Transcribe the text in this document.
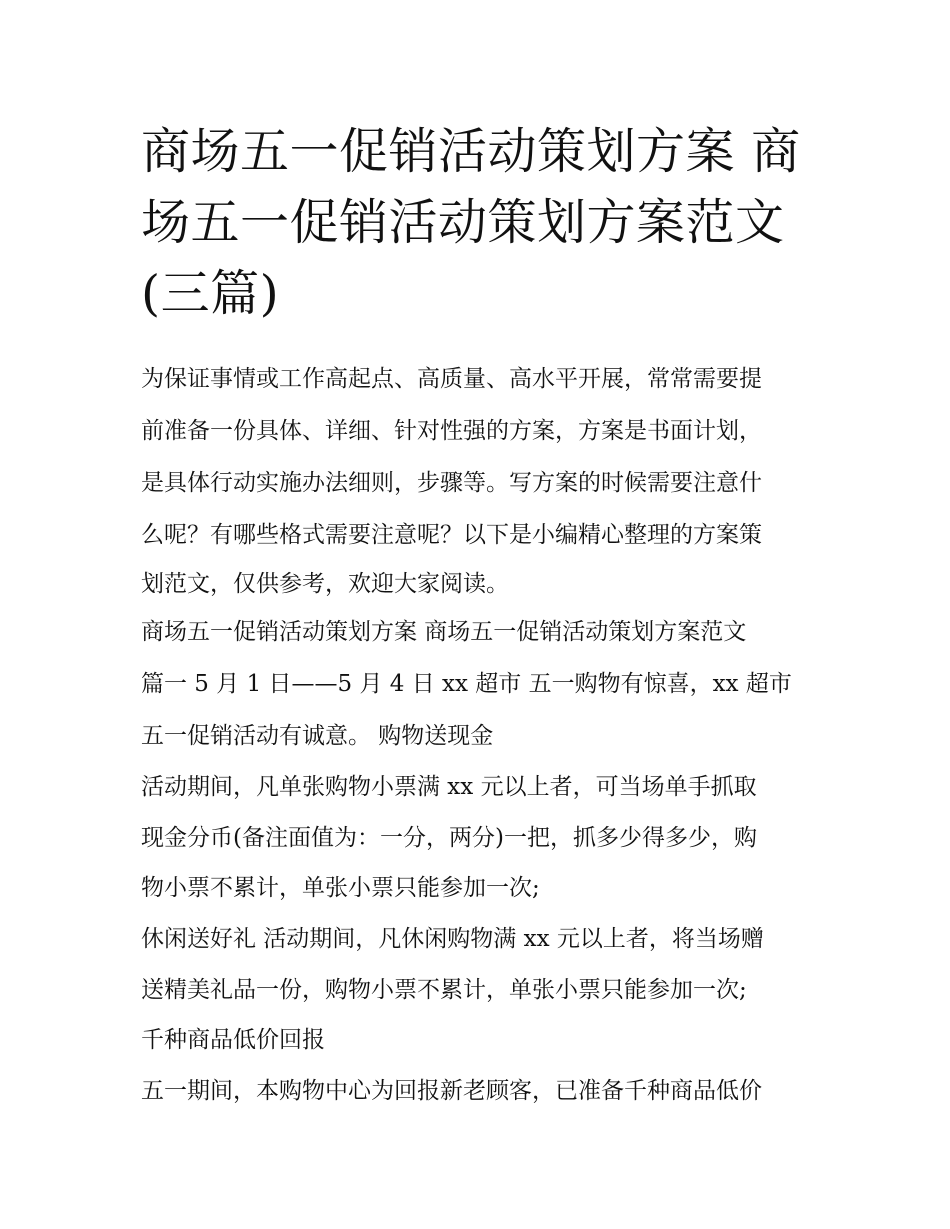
商场五一促销活动策划方案 商场五一促销活动策划方案范文(三篇)

为保证事情或工作高起点、高质量、高水平开展，常常需要提

前准备一份具体、详细、针对性强的方案，方案是书面计划，

是具体行动实施办法细则，步骤等。写方案的时候需要注意什

么呢？有哪些格式需要注意呢？以下是小编精心整理的方案策

划范文，仅供参考，欢迎大家阅读。

商场五一促销活动策划方案 商场五一促销活动策划方案范文

篇一 5 月 1 日——5 月 4 日 xx 超市 五一购物有惊喜，xx 超市

五一促销活动有诚意。 购物送现金

活动期间，凡单张购物小票满 xx 元以上者，可当场单手抓取

现金分币(备注面值为：一分，两分)一把，抓多少得多少，购

物小票不累计，单张小票只能参加一次;

休闲送好礼 活动期间，凡休闲购物满 xx 元以上者，将当场赠

送精美礼品一份，购物小票不累计，单张小票只能参加一次;

千种商品低价回报

五一期间，本购物中心为回报新老顾客，已准备千种商品低价
